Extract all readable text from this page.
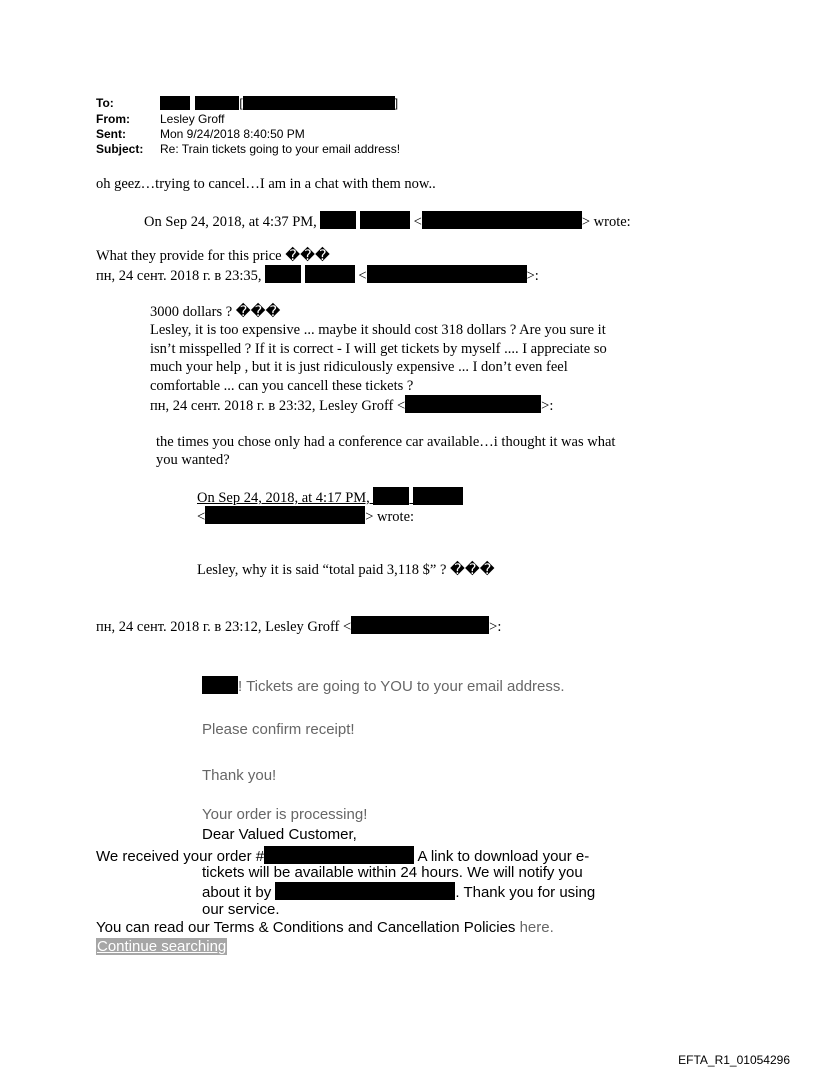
To:	[	]
From:	Lesley Groff
Sent:	Mon 9/24/2018 8:40:50 PM
Subject:	Re: Train tickets going to your email address!
oh geez…trying to cancel…I am in a chat with them now..
On Sep 24, 2018, at 4:37 PM,	<	> wrote:
What they provide for this price ���
пн, 24 сент. 2018 г. в 23:35,	<	>:
3000 dollars ? ���
Lesley, it is too expensive ... maybe it should cost 318 dollars ? Are you sure it
isn’t misspelled ? If it is correct - I will get tickets by myself .... I appreciate so
much your help , but it is just ridiculously expensive ... I don’t even feel
comfortable ... can you cancell these tickets ?
пн, 24 сент. 2018 г. в 23:32, Lesley Groff <	>:
the times you chose only had a conference car available…i thought it was what
you wanted?
On Sep 24, 2018, at 4:17 PM,
<	> wrote:
Lesley, why it is said “total paid 3,118 $” ? ���
пн, 24 сент. 2018 г. в 23:12, Lesley Groff <	>:
! Tickets are going to YOU to your email address.
Please confirm receipt!
Thank you!
Your order is processing!
Dear Valued Customer,
We received your order #	A link to download your e-
tickets will be available within 24 hours. We will notify you
about it by	. Thank you for using
our service.
You can read our Terms & Conditions and Cancellation Policies here.
Continue searching
EFTA_R1_01054296
